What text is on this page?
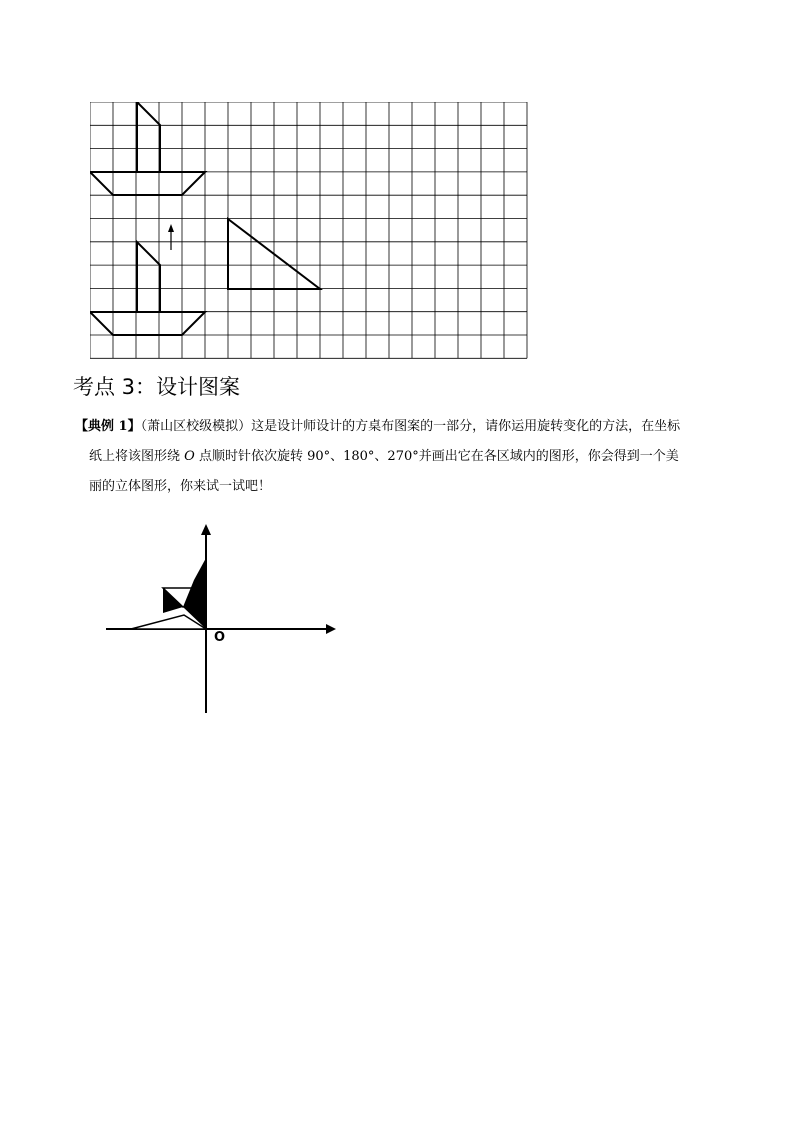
考点 3：设计图案

【典例 1】（萧山区校级模拟）这是设计师设计的方桌布图案的一部分，请你运用旋转变化的方法，在坐标

纸上将该图形绕 O 点顺时针依次旋转 90°、180°、270°并画出它在各区域内的图形，你会得到一个美

丽的立体图形，你来试一试吧！

O
